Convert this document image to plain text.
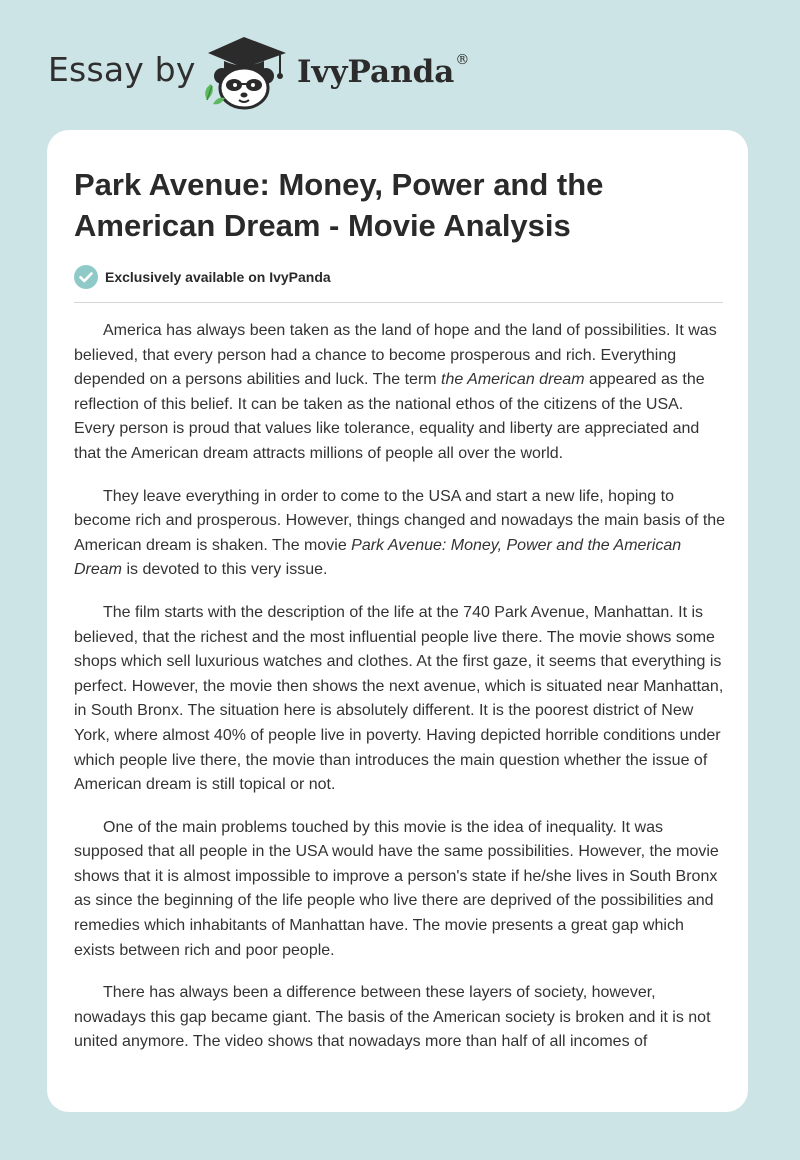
Essay by	IvyPanda®
Park Avenue: Money, Power and the American Dream - Movie Analysis
Exclusively available on IvyPanda

America has always been taken as the land of hope and the land of possibilities. It was believed, that every person had a chance to become prosperous and rich. Everything depended on a persons abilities and luck. The term the American dream appeared as the reflection of this belief. It can be taken as the national ethos of the citizens of the USA. Every person is proud that values like tolerance, equality and liberty are appreciated and that the American dream attracts millions of people all over the world.

They leave everything in order to come to the USA and start a new life, hoping to become rich and prosperous. However, things changed and nowadays the main basis of the American dream is shaken. The movie Park Avenue: Money, Power and the American Dream is devoted to this very issue.

The film starts with the description of the life at the 740 Park Avenue, Manhattan. It is believed, that the richest and the most influential people live there. The movie shows some shops which sell luxurious watches and clothes. At the first gaze, it seems that everything is perfect. However, the movie then shows the next avenue, which is situated near Manhattan, in South Bronx. The situation here is absolutely different. It is the poorest district of New York, where almost 40% of people live in poverty. Having depicted horrible conditions under which people live there, the movie than introduces the main question whether the issue of American dream is still topical or not.

One of the main problems touched by this movie is the idea of inequality. It was supposed that all people in the USA would have the same possibilities. However, the movie shows that it is almost impossible to improve a person's state if he/she lives in South Bronx as since the beginning of the life people who live there are deprived of the possibilities and remedies which inhabitants of Manhattan have. The movie presents a great gap which exists between rich and poor people.

There has always been a difference between these layers of society, however, nowadays this gap became giant. The basis of the American society is broken and it is not united anymore. The video shows that nowadays more than half of all incomes of
